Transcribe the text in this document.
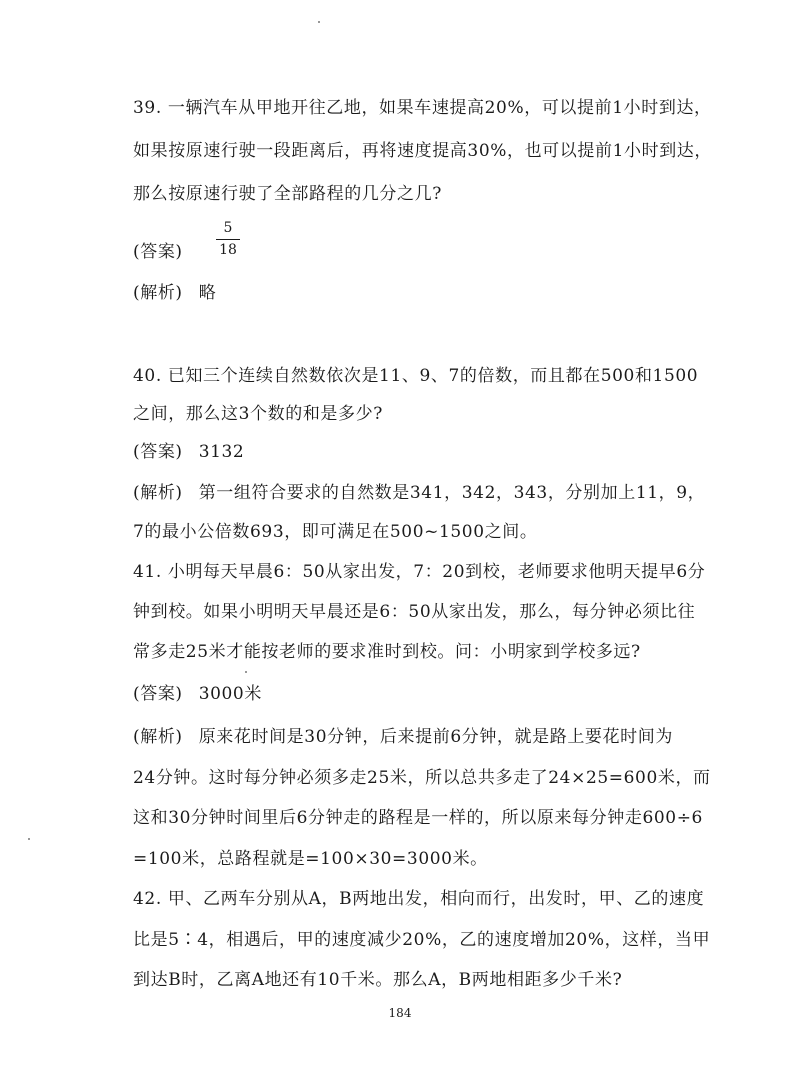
39. 一辆汽车从甲地开往乙地，如果车速提高20%，可以提前1小时到达，
如果按原速行驶一段距离后，再将速度提高30%，也可以提前1小时到达，
那么按原速行驶了全部路程的几分之几?
(答案)
5
18
(解析) 略
40. 已知三个连续自然数依次是11、9、7的倍数，而且都在500和1500
之间，那么这3个数的和是多少?
(答案) 3132
(解析) 第一组符合要求的自然数是341，342，343，分别加上11，9，
7的最小公倍数693，即可满足在500~1500之间。
41. 小明每天早晨6：50从家出发，7：20到校，老师要求他明天提早6分
钟到校。如果小明明天早晨还是6：50从家出发，那么，每分钟必须比往
常多走25米才能按老师的要求准时到校。问：小明家到学校多远?
(答案) 3000米
(解析) 原来花时间是30分钟，后来提前6分钟，就是路上要花时间为
24分钟。这时每分钟必须多走25米，所以总共多走了24×25=600米，而
这和30分钟时间里后6分钟走的路程是一样的，所以原来每分钟走600÷6
=100米，总路程就是=100×30=3000米。
42. 甲、乙两车分别从A，B两地出发，相向而行，出发时，甲、乙的速度
比是5∶4，相遇后，甲的速度减少20%，乙的速度增加20%，这样，当甲
到达B时，乙离A地还有10千米。那么A，B两地相距多少千米?
184
